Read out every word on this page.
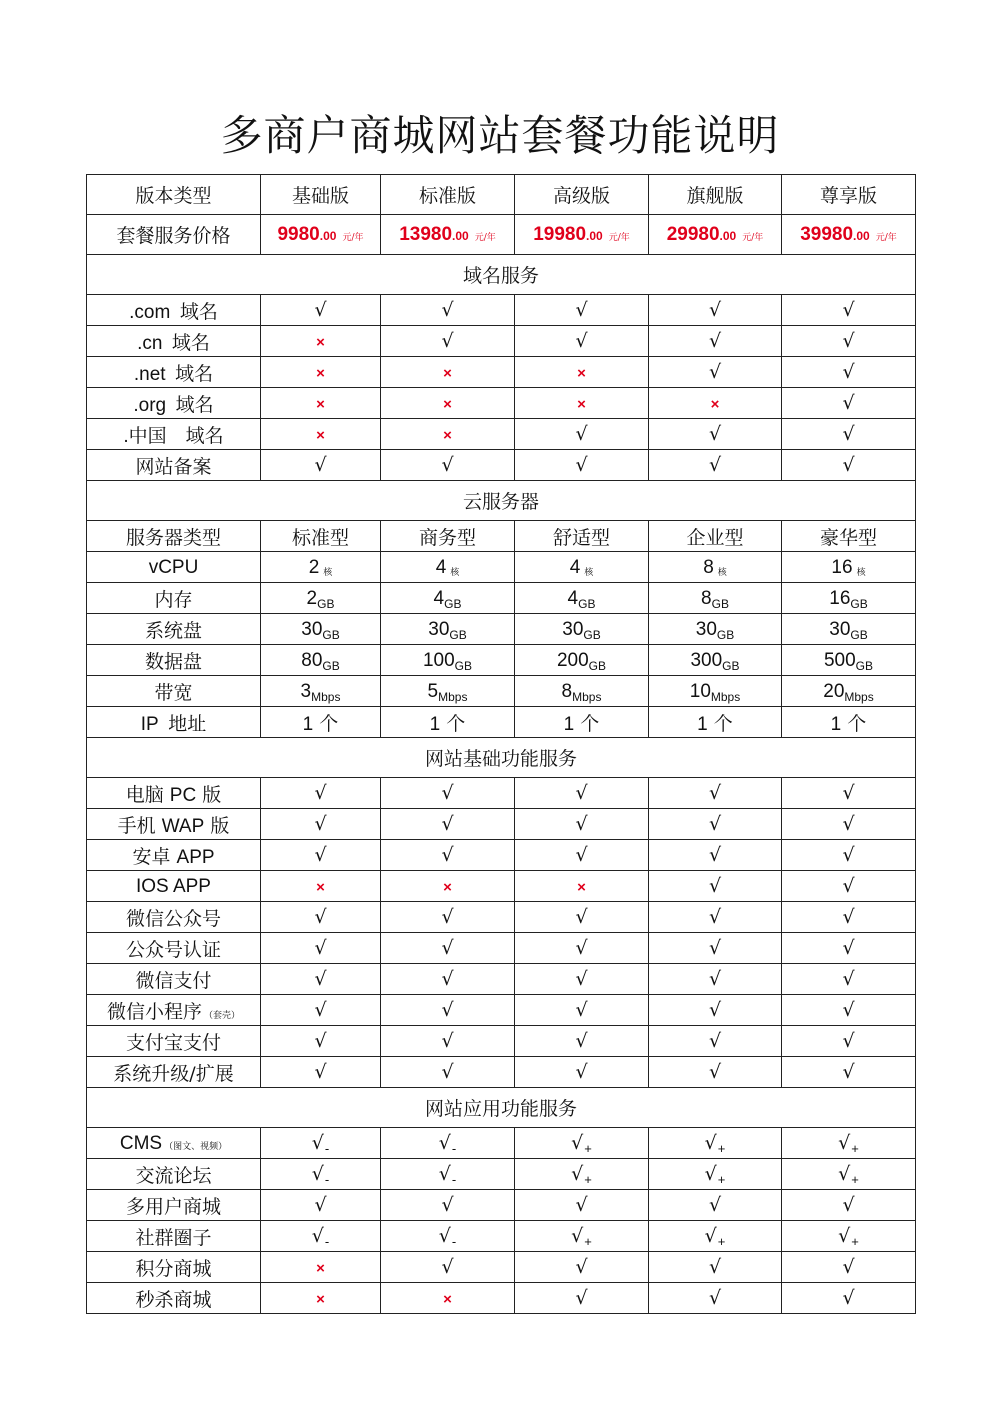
多商户商城网站套餐功能说明
版本类型	基础版	标准版	高级版	旗舰版	尊享版
套餐服务价格	9980.00 元/年	13980.00 元/年	19980.00 元/年	29980.00 元/年	39980.00 元/年
域名服务					
.com  域名	√	√	√	√	√
.cn  域名	×	√	√	√	√
.net  域名	×	×	×	√	√
.org  域名	×	×	×	×	√
.中国　域名	×	×	√	√	√
网站备案	√	√	√	√	√
云服务器					
服务器类型	标准型	商务型	舒适型	企业型	豪华型
vCPU	2 核	4 核	4 核	8 核	16 核
内存	$2_{GB}$	$4_{GB}$	$4_{GB}$	$8_{GB}$	$16_{GB}$
系统盘	$30_{GB}$	$30_{GB}$	$30_{GB}$	$30_{GB}$	$30_{GB}$
数据盘	$80_{GB}$	$100_{GB}$	$200_{GB}$	$300_{GB}$	$500_{GB}$
带宽	$3_{Mbps}$	$5_{Mbps}$	$8_{Mbps}$	$10_{Mbps}$	$20_{Mbps}$
IP  地址	1 个	1 个	1 个	1 个	1 个
网站基础功能服务					
电脑 PC 版	√	√	√	√	√
手机 WAP 版	√	√	√	√	√
安卓 APP	√	√	√	√	√
IOS APP	×	×	×	√	√
微信公众号	√	√	√	√	√
公众号认证	√	√	√	√	√
微信支付	√	√	√	√	√
微信小程序 （套壳）	√	√	√	√	√
支付宝支付	√	√	√	√	√
系统升级/扩展	√	√	√	√	√
网站应用功能服务					
CMS （图文、视频）	$√_-$	$√_-$	$√_+$	$√_+$	$√_+$
交流论坛	$√_-$	$√_-$	$√_+$	$√_+$	$√_+$
多用户商城	√	√	√	√	√
社群圈子	$√_-$	$√_-$	$√_+$	$√_+$	$√_+$
积分商城	×	√	√	√	√
秒杀商城	×	×	√	√	√
